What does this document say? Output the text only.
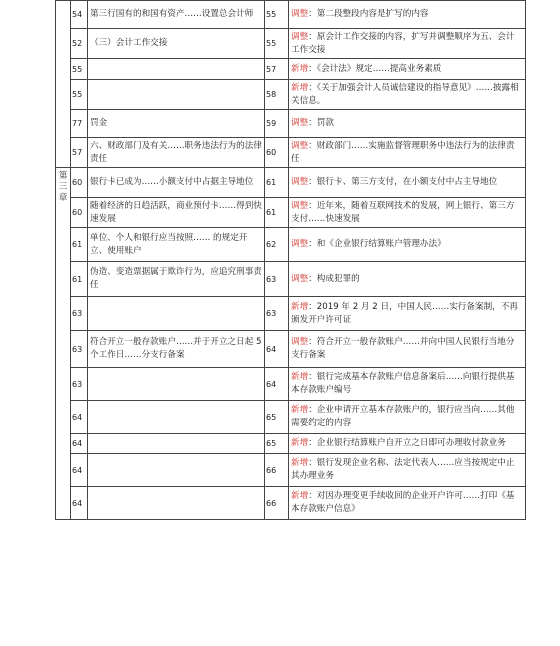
	54	第三行国有的和国有资产……设置总会计师	55	调整：第二段整段内容是扩写的内容
	52	（三）会计工作交接	55	调整：原会计工作交接的内容，扩写并调整顺序为五、会计工作交接
	55		57	新增：《会计法》规定……提高业务素质
	55		58	新增：《关于加强会计人员诚信建设的指导意见》……披露相关信息。
	77	罚金	59	调整：罚款
	57	六、财政部门及有关……职务违法行为的法律责任	60	调整：财政部门……实施监督管理职务中违法行为的法律责任

第
三
章	60	银行卡已成为……小额支付中占据主导地位	61	调整：银行卡、第三方支付，在小额支付中占主导地位
	60	随着经济的日趋活跃，商业预付卡……得到快速发展	61	调整：近年来，随着互联网技术的发展，网上银行、第三方支付……快速发展
	61	单位、个人和银行应当按照…… 的规定开立、使用账户	62	调整：和《企业银行结算账户管理办法》
	61	伪造、变造票据属于欺诈行为，应追究刑事责任	63	调整：构成犯罪的
	63		63	新增：2019 年 2 月 2 日，中国人民……实行备案制，不再颁发开户许可证
	63	符合开立一般存款账户……并于开立之日起 5 个工作日……分支行备案	64	调整：符合开立一般存款账户……并向中国人民银行当地分支行备案
	63		64	新增：银行完成基本存款账户信息备案后……向银行提供基本存款账户编号
	64		65	新增：企业申请开立基本存款账户的，银行应当向……其他需要约定的内容
	64		65	新增：企业银行结算账户自开立之日即可办理收付款业务
	64		66	新增：银行发现企业名称、法定代表人……应当按规定中止其办理业务
	64		66	新增：对因办理变更手续收回的企业开户许可……打印《基本存款账户信息》
